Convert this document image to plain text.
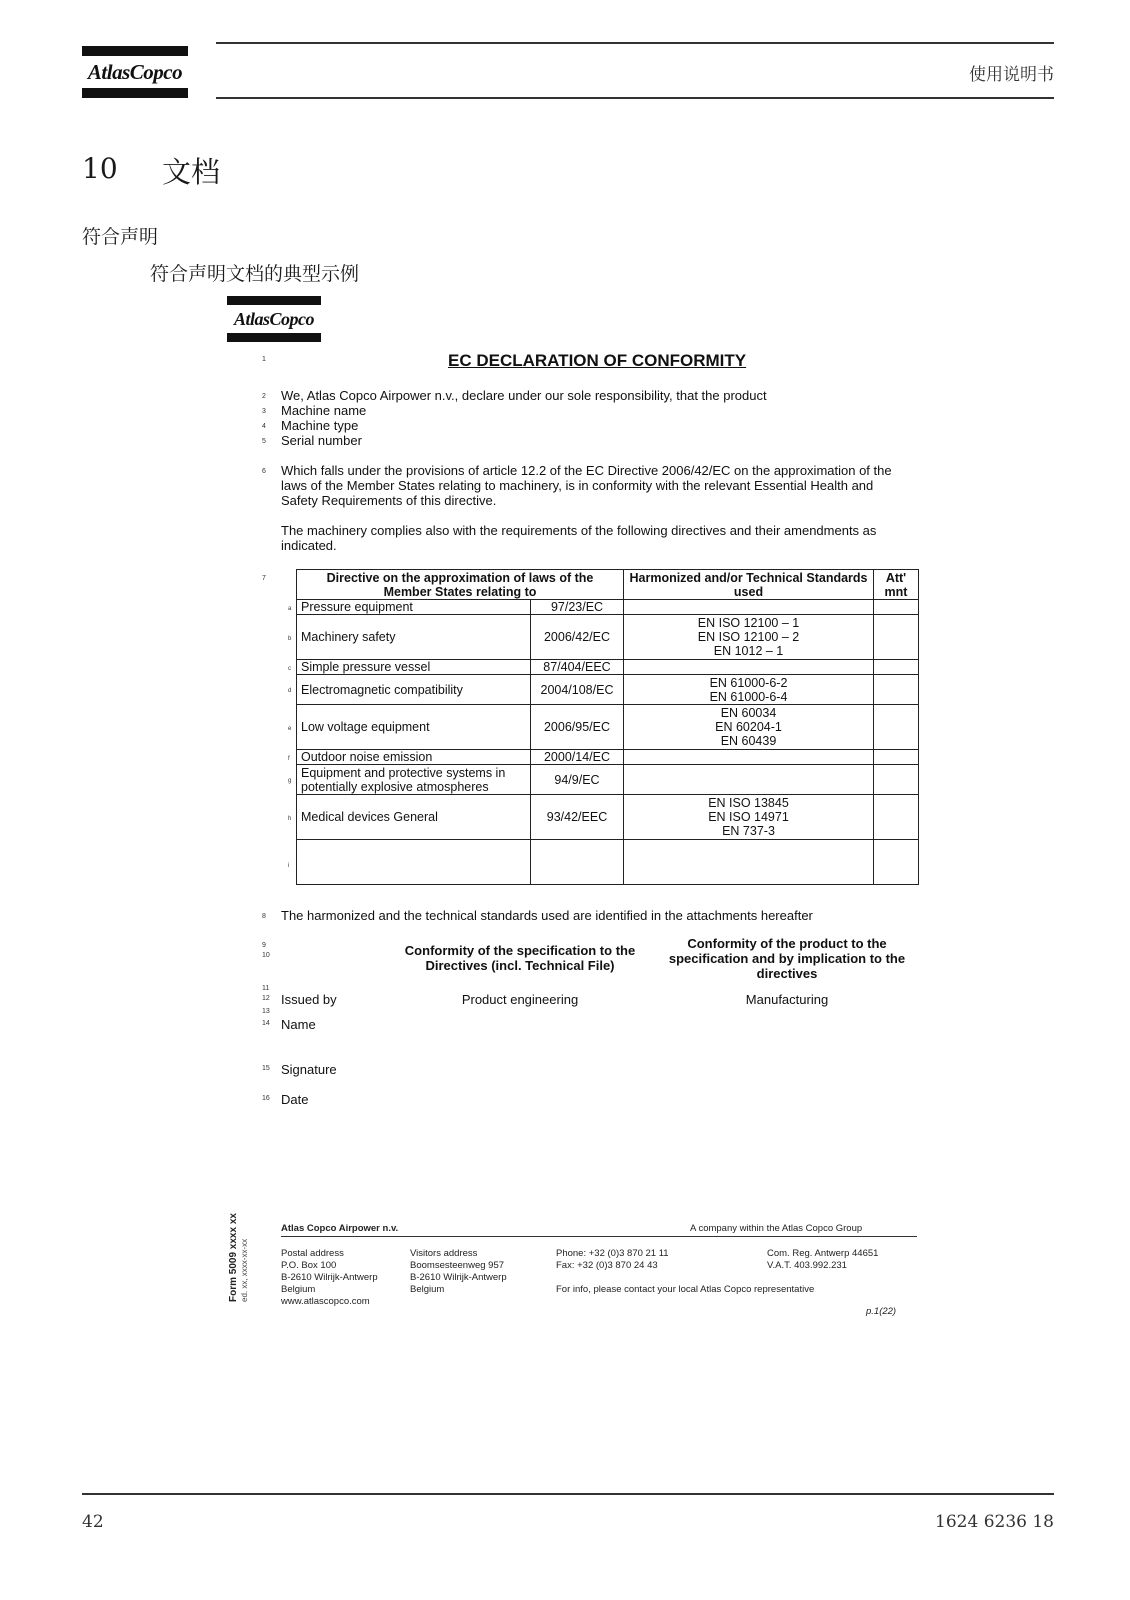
AtlasCopco	使用说明书
10 文档
符合声明
符合声明文档的典型示例
AtlasCopco
1
2
3
4
5
6
7
8
9
10
11
12
13
14
15
16
EC DECLARATION OF CONFORMITY
We, Atlas Copco Airpower n.v., declare under our sole responsibility, that the product
Machine name
Machine type
Serial number
Which falls under the provisions of article 12.2 of the EC Directive 2006/42/EC on the approximation of the
laws of the Member States relating to machinery, is in conformity with the relevant Essential Health and
Safety Requirements of this directive.
The machinery complies also with the requirements of the following directives and their amendments as
indicated.
Directive on the approximation of laws of the Member States relating to		Harmonized and/or Technical Standards used	Att' mnt
Pressure equipment	97/23/EC		
Machinery safety	2006/42/EC	EN ISO 12100 – 1
EN ISO 12100 – 2
EN 1012 – 1	

Simple pressure vessel	87/404/EEC		
Electromagnetic compatibility	2004/108/EC	EN 61000-6-2
EN 61000-6-4	

Low voltage equipment	2006/95/EC	EN 60034
EN 60204-1
EN 60439	

Outdoor noise emission	2000/14/EC		
Equipment and protective systems in potentially explosive atmospheres	94/9/EC		
Medical devices General	93/42/EEC	EN ISO 13845
EN ISO 14971
EN 737-3	

a
b
c
d
e
f
g
h
i
The harmonized and the technical standards used are identified in the attachments hereafter
Conformity of the specification to the
Directives (incl. Technical File)
Conformity of the product to the
specification and by implication to the
directives
Issued by	Product engineering	Manufacturing
Name
Signature
Date
Form 5009 xxxx xx ed. xx, xxxx-xx-xx
Atlas Copco Airpower n.v.	A company within the Atlas Copco Group
Postal address
P.O. Box 100
B-2610 Wilrijk-Antwerp
Belgium
www.atlascopco.com
Visitors address
Boomsesteenweg 957
B-2610 Wilrijk-Antwerp
Belgium
Phone: +32 (0)3 870 21 11
Fax: +32 (0)3 870 24 43
For info, please contact your local Atlas Copco representative
Com. Reg. Antwerp 44651
V.A.T. 403.992.231
p.1(22)
42	1624 6236 18
